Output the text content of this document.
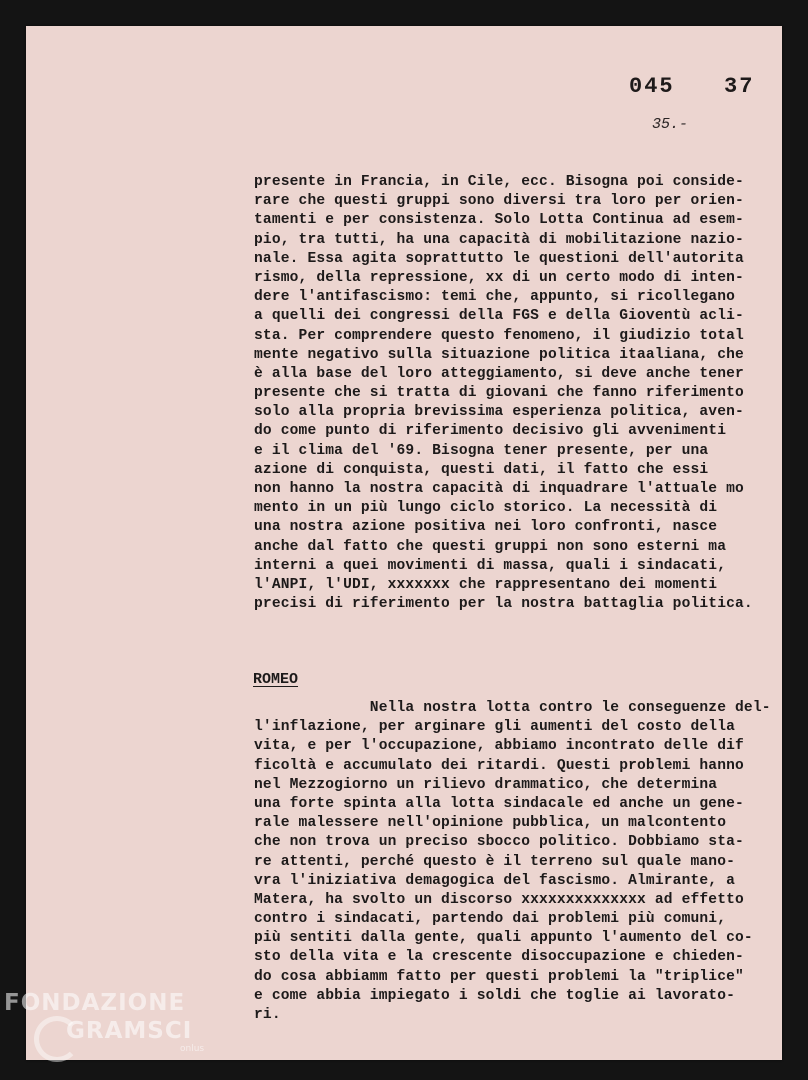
045 37
35.-
presente in Francia, in Cile, ecc. Bisogna poi conside-
rare che questi gruppi sono diversi tra loro per orien-
tamenti e per consistenza. Solo Lotta Continua ad esem-
pio, tra tutti, ha una capacità di mobilitazione nazio-
nale. Essa agita soprattutto le questioni dell'autorita
rismo, della repressione, xx di un certo modo di inten-
dere l'antifascismo: temi che, appunto, si ricollegano
a quelli dei congressi della FGS e della Gioventù acli-
sta. Per comprendere questo fenomeno, il giudizio total
mente negativo sulla situazione politica itaaliana, che
è alla base del loro atteggiamento, si deve anche tener
presente che si tratta di giovani che fanno riferimento
solo alla propria brevissima esperienza politica, aven-
do come punto di riferimento decisivo gli avvenimenti
e il clima del '69. Bisogna tener presente, per una
azione di conquista, questi dati, il fatto che essi
non hanno la nostra capacità di inquadrare l'attuale mo
mento in un più lungo ciclo storico. La necessità di
una nostra azione positiva nei loro confronti, nasce
anche dal fatto che questi gruppi non sono esterni ma
interni a quei movimenti di massa, quali i sindacati,
l'ANPI, l'UDI, xxxxxxx che rappresentano dei momenti
precisi di riferimento per la nostra battaglia politica.
ROMEO
Nella nostra lotta contro le conseguenze del-
l'inflazione, per arginare gli aumenti del costo della
vita, e per l'occupazione, abbiamo incontrato delle dif
ficoltà e accumulato dei ritardi. Questi problemi hanno
nel Mezzogiorno un rilievo drammatico, che determina
una forte spinta alla lotta sindacale ed anche un gene-
rale malessere nell'opinione pubblica, un malcontento
che non trova un preciso sbocco politico. Dobbiamo sta-
re attenti, perché questo è il terreno sul quale mano-
vra l'iniziativa demagogica del fascismo. Almirante, a
Matera, ha svolto un discorso xxxxxxxxxxxxxx ad effetto
contro i sindacati, partendo dai problemi più comuni,
più sentiti dalla gente, quali appunto l'aumento del co-
sto della vita e la crescente disoccupazione e chieden-
do cosa abbiamm fatto per questi problemi la "triplice"
e come abbia impiegato i soldi che toglie ai lavorato-
ri.
FONDAZIONE
GRAMSCI
onlus
